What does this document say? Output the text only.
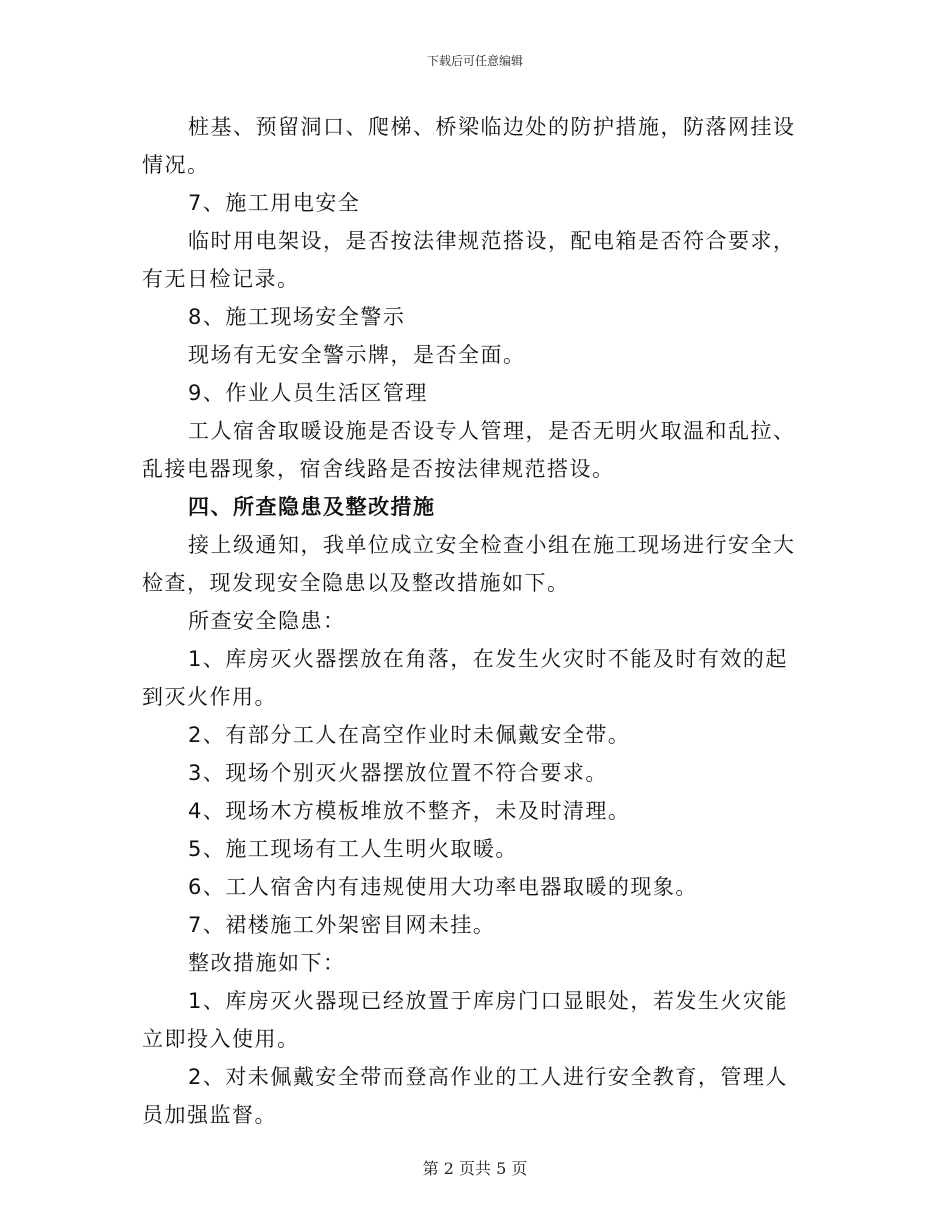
下载后可任意编辑

桩基、预留洞口、爬梯、桥梁临边处的防护措施，防落网挂设情况。

7、施工用电安全

临时用电架设，是否按法律规范搭设，配电箱是否符合要求，有无日检记录。

8、施工现场安全警示

现场有无安全警示牌，是否全面。

9、作业人员生活区管理

工人宿舍取暖设施是否设专人管理，是否无明火取温和乱拉、乱接电器现象，宿舍线路是否按法律规范搭设。

四、所查隐患及整改措施

接上级通知，我单位成立安全检查小组在施工现场进行安全大检查，现发现安全隐患以及整改措施如下。

所查安全隐患：

1、库房灭火器摆放在角落，在发生火灾时不能及时有效的起到灭火作用。

2、有部分工人在高空作业时未佩戴安全带。

3、现场个别灭火器摆放位置不符合要求。

4、现场木方模板堆放不整齐，未及时清理。

5、施工现场有工人生明火取暖。

6、工人宿舍内有违规使用大功率电器取暖的现象。

7、裙楼施工外架密目网未挂。

整改措施如下：

1、库房灭火器现已经放置于库房门口显眼处，若发生火灾能立即投入使用。

2、对未佩戴安全带而登高作业的工人进行安全教育，管理人员加强监督。

第 2 页共 5 页
